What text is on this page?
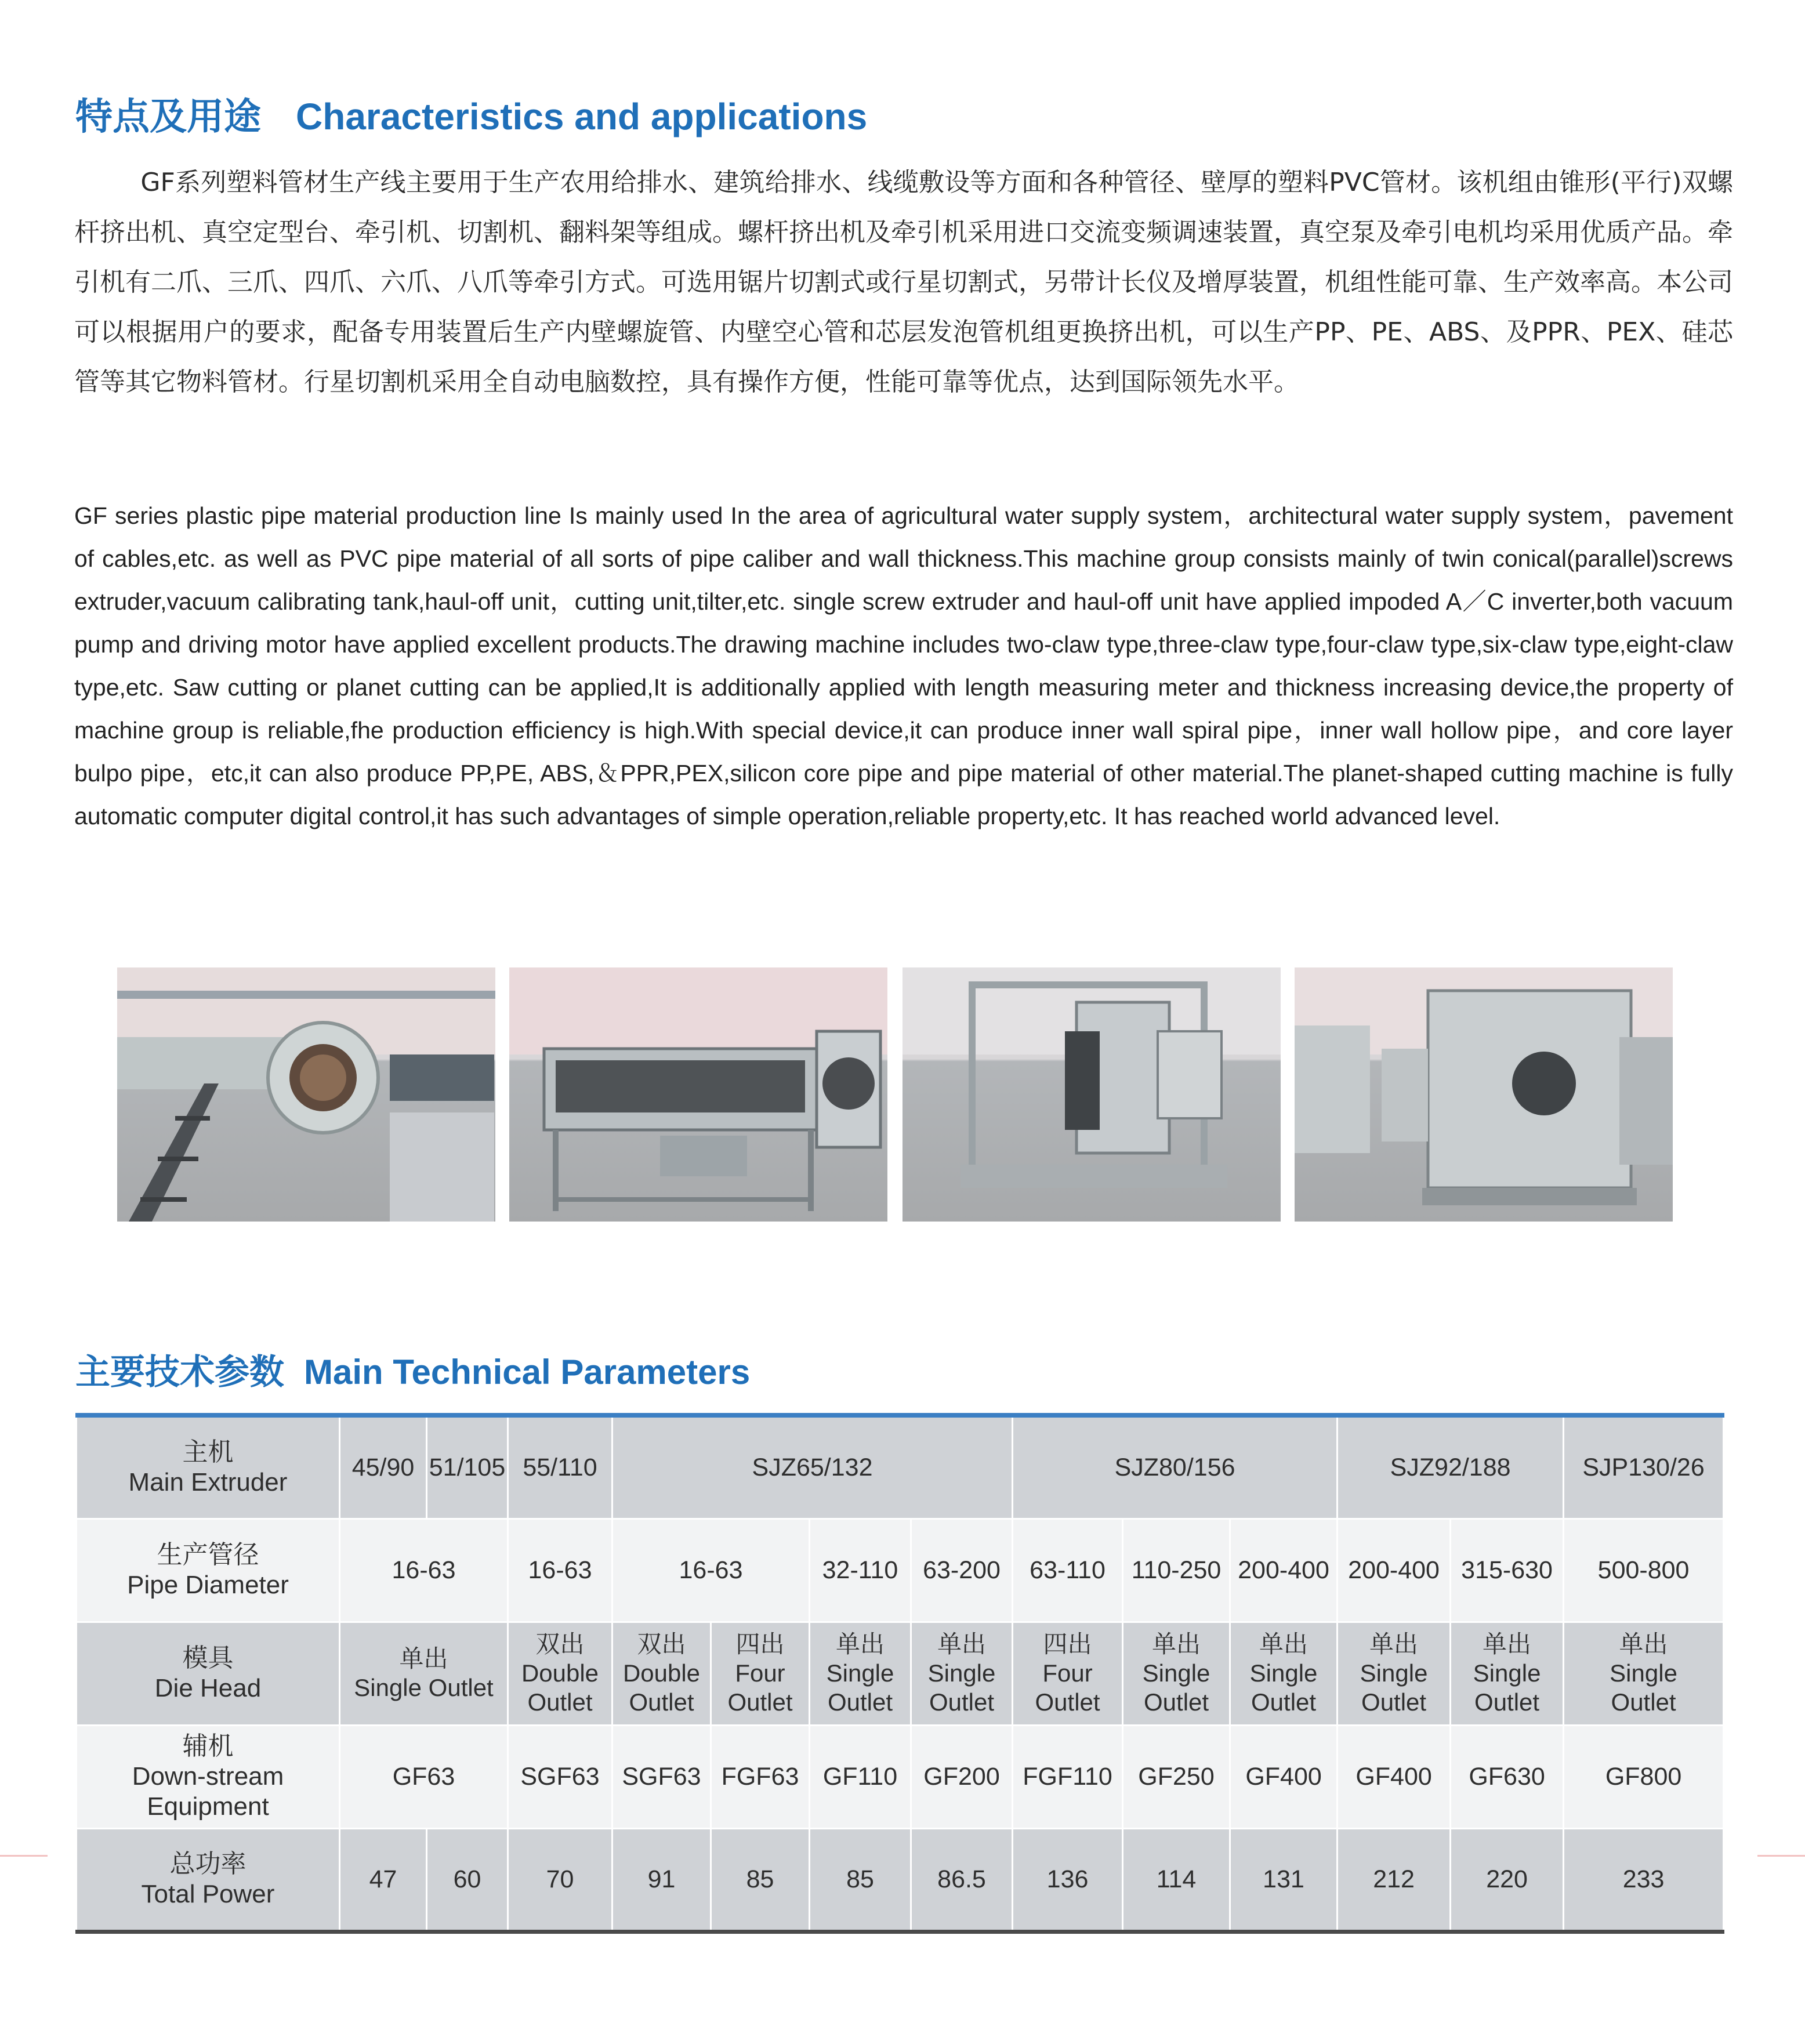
特点及用途 Characteristics and applications

GF系列塑料管材生产线主要用于生产农用给排水、建筑给排水、线缆敷设等方面和各种管径、壁厚的塑料PVC管材。该机组由锥形(平行)双螺杆挤出机、真空定型台、牵引机、切割机、翻料架等组成。螺杆挤出机及牵引机采用进口交流变频调速装置，真空泵及牵引电机均采用优质产品。牵引机有二爪、三爪、四爪、六爪、八爪等牵引方式。可选用锯片切割式或行星切割式，另带计长仪及增厚装置，机组性能可靠、生产效率高。本公司可以根据用户的要求，配备专用装置后生产内壁螺旋管、内壁空心管和芯层发泡管机组更换挤出机，可以生产PP、PE、ABS、及PPR、PEX、硅芯管等其它物料管材。行星切割机采用全自动电脑数控，具有操作方便，性能可靠等优点，达到国际领先水平。

GF series plastic pipe material production line Is mainly used In the area of agricultural water supply system，architectural water supply system，pavement of cables,etc. as well as PVC pipe material of all sorts of pipe caliber and wall thickness.This machine group consists mainly of twin conical(parallel)screws extruder,vacuum calibrating tank,haul-off unit，cutting unit,tilter,etc. single screw extruder and haul-off unit have applied impoded A／C inverter,both vacuum pump and driving motor have applied excellent products.The drawing machine includes two-claw type,three-claw type,four-claw type,six-claw type,eight-claw type,etc. Saw cutting or planet cutting can be applied,It is additionally applied with length measuring meter and thickness increasing device,the property of machine group is reliable,fhe production efficiency is high.With special device,it can produce inner wall spiral pipe，inner wall hollow pipe，and core layer bulpo pipe，etc,it can also produce PP,PE, ABS,＆PPR,PEX,silicon core pipe and pipe material of other material.The planet-shaped cutting machine is fully automatic computer digital control,it has such advantages of simple operation,reliable property,etc. It has reached world advanced level.

主要技术参数 Main Technical Parameters
主机
Main Extruder	45/90	51/105	55/110	SJZ65/132				SJZ80/156			SJZ92/188		SJP130/26

生产管径
Pipe Diameter	16-63		16-63	16-63		32-110	63-200	63-110	110-250	200-400	200-400	315-630	500-800

模具
Die Head	单出
Single Outlet		双出
Double
Outlet	双出
Double
Outlet	四出
Four
Outlet	单出
Single
Outlet	单出
Single
Outlet	四出
Four
Outlet	单出
Single
Outlet	单出
Single
Outlet	单出
Single
Outlet	单出
Single
Outlet	单出
Single
Outlet

辅机
Down-stream
Equipment	GF63		SGF63	SGF63	FGF63	GF110	GF200	FGF110	GF250	GF400	GF400	GF630	GF800

总功率
Total Power	47	60	70	91	85	85	86.5	136	114	131	212	220	233
